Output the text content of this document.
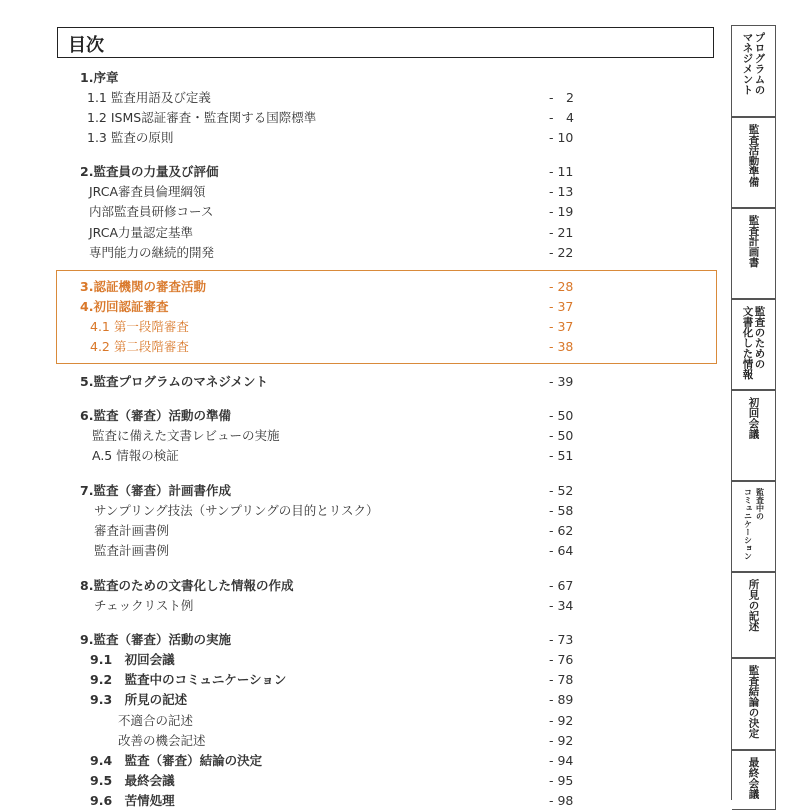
目次
1.序章
1.1 監査用語及び定義	-　2
1.2 ISMS認証審査・監査関する国際標準	-　4
1.3 監査の原則	- 10
2.監査員の力量及び評価	- 11
JRCA審査員倫理綱領	- 13
内部監査員研修コース	- 19
JRCA力量認定基準	- 21
専門能力の継続的開発	- 22
3.認証機関の審査活動	- 28
4.初回認証審査	- 37
4.1 第一段階審査	- 37
4.2 第二段階審査	- 38
5.監査プログラムのマネジメント	- 39
6.監査（審査）活動の準備	- 50
監査に備えた文書レビューの実施	- 50
A.5 情報の検証	- 51
7.監査（審査）計画書作成	- 52
サンプリング技法（サンプリングの目的とリスク）	- 58
審査計画書例	- 62
監査計画書例	- 64
8.監査のための文書化した情報の作成	- 67
チェックリスト例	- 34
9.監査（審査）活動の実施	- 73
9.1　初回会議	- 76
9.2　監査中のコミュニケーション	- 78
9.3　所見の記述	- 89
不適合の記述	- 92
改善の機会記述	- 92
9.4　監査（審査）結論の決定	- 94
9.5　最終会議	- 95
9.6　苦情処理	- 98
プログラムの
マネジメント
監査活動準備
監査計画書
監査のための
文書化した情報
初回会議
監査中の
コミュニケーション
所見の記述
監査結論の決定
最終会議
